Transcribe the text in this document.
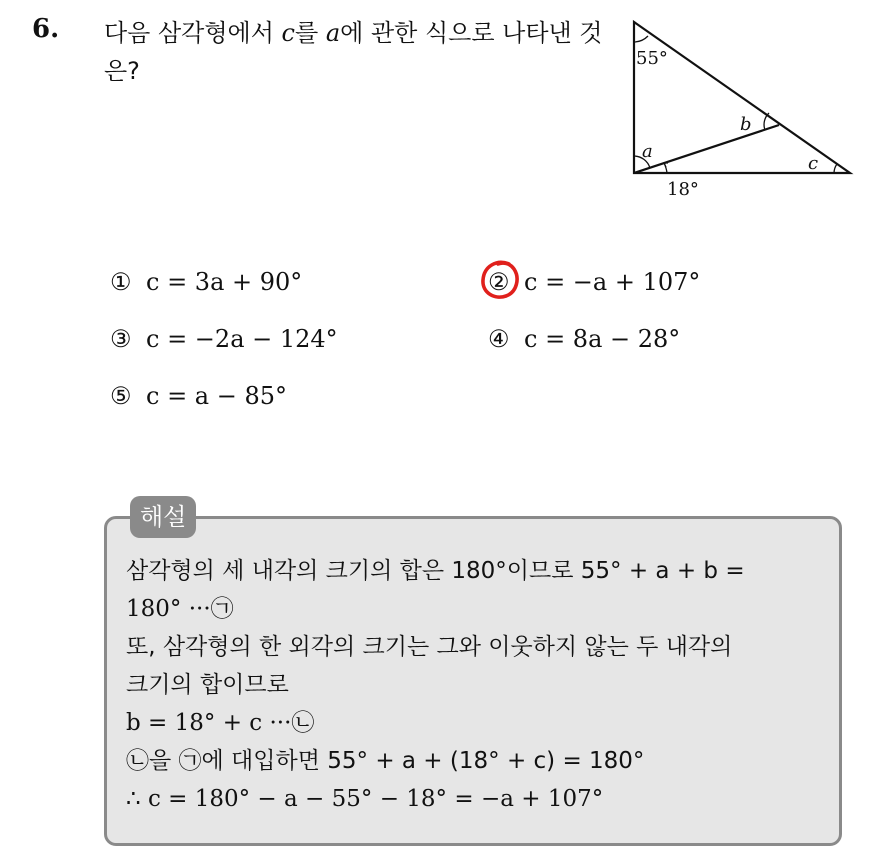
6. 다음 삼각형에서 c를 a에 관한 식으로 나타낸 것은?	55°
a
b
c
18°
① c = 3a + 90°	② c = −a + 107°
③ c = −2a − 124°	④ c = 8a − 28°
⑤ c = a − 85°
해설
삼각형의 세 내각의 크기의 합은 180°이므로 55° + a + b =
180° ···㉠
또, 삼각형의 한 외각의 크기는 그와 이웃하지 않는 두 내각의
크기의 합이므로
b = 18° + c ···㉡
㉡을 ㉠에 대입하면 55° + a + (18° + c) = 180°
∴ c = 180° − a − 55° − 18° = −a + 107°
